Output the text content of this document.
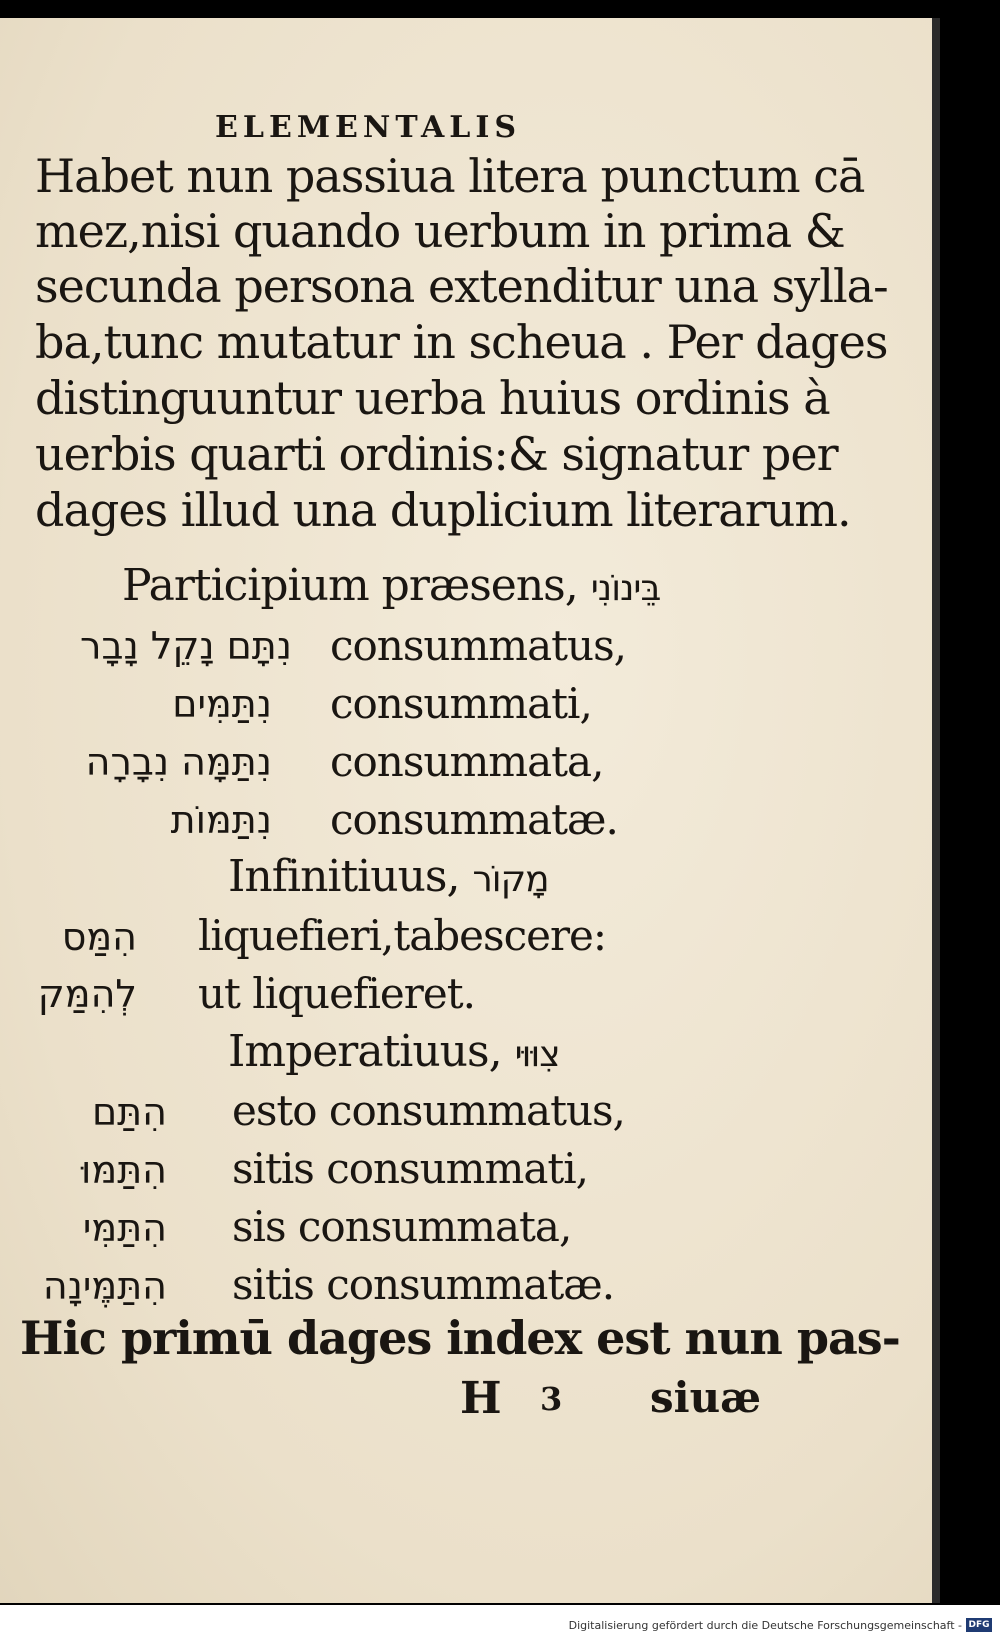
ELEMENTALIS
Habet nun passiua litera punctum cā
mez,nisi quando uerbum in prima &
secunda persona extenditur una sylla-
ba,tunc mutatur in scheua . Per dages
distinguuntur uerba huius ordinis à
uerbis quarti ordinis:& signatur per
dages illud una duplicium literarum.
Participium præsens, בֵּינוֹנִי
נִתָּם נָקֵל נָבָר consummatus,
נִתַּמִּים consummati,
נִתַּמָּה נִבָרָה consummata,
נִתַּמּוֹת consummatæ.
Infinitiuus, מָקוֹר
הִמַּס liquefieri,tabescere:
לְהִמַּק ut liquefieret.
Imperatiuus, צִוּוּי
הִתַּם esto consummatus,
הִתַּמּוּ sitis consummati,
הִתַּמִּי sis consummata,
הִתַּמֶּינָה sitis consummatæ.
Hic primū dages index est nun pas-
H 3 siuæ
Digitalisierung gefördert durch die Deutsche Forschungsgemeinschaft - DFG
